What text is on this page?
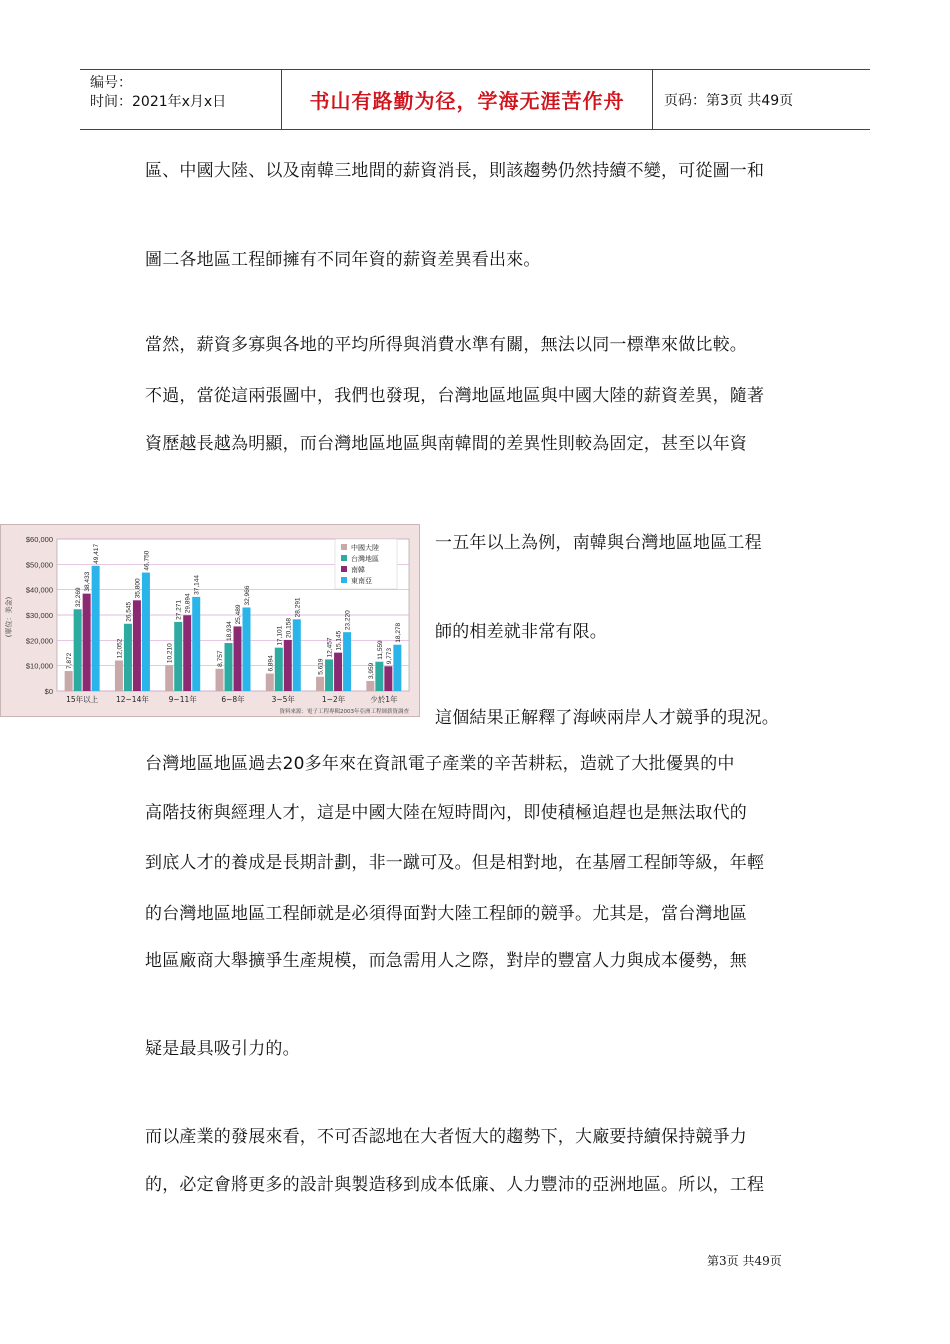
编号：
时间：2021年x月x日	书山有路勤为径，学海无涯苦作舟	页码：第3页 共49页
區、中國大陸、以及南韓三地間的薪資消長，則該趨勢仍然持續不變，可從圖一和
圖二各地區工程師擁有不同年資的薪資差異看出來。
當然，薪資多寡與各地的平均所得與消費水準有關，無法以同一標準來做比較。
不過，當從這兩張圖中，我們也發現，台灣地區地區與中國大陸的薪資差異，隨著
資歷越長越為明顯，而台灣地區地區與南韓間的差異性則較為固定，甚至以年資
一五年以上為例，南韓與台灣地區地區工程
師的相差就非常有限。
這個結果正解釋了海峽兩岸人才競爭的現況。
台灣地區地區過去20多年來在資訊電子產業的辛苦耕耘，造就了大批優異的中
高階技術與經理人才，這是中國大陸在短時間內，即使積極追趕也是無法取代的
到底人才的養成是長期計劃，非一蹴可及。但是相對地，在基層工程師等級，年輕
的台灣地區地區工程師就是必須得面對大陸工程師的競爭。尤其是，當台灣地區
地區廠商大舉擴爭生產規模，而急需用人之際，對岸的豐富人力與成本優勢，無
疑是最具吸引力的。
而以產業的發展來看，不可否認地在大者恆大的趨勢下，大廠要持續保持競爭力
的，必定會將更多的設計與製造移到成本低廉、人力豐沛的亞洲地區。所以，工程
第3页 共49页
$0
$10,000
$20,000
$30,000
$40,000
$50,000
$60,000
(單位：美金)
7,872
32,269
38,433
49,417
15年以上
12,052
26,545
35,800
46,750
12~14年
10,210
27,271 29,894
37,144
9~11年
8,757
18,934
25,489
32,966
6~8年
6,894
17,101 20,158
28,291
3~5年
5,619
12,457 15,145
23,220
1~2年
3,959
11,559 9,773
18,278
少於1年
中國大陸
台灣地區
南韓
東南亞
資料來源：電子工程專輯2003年亞洲工程師薪資調查
